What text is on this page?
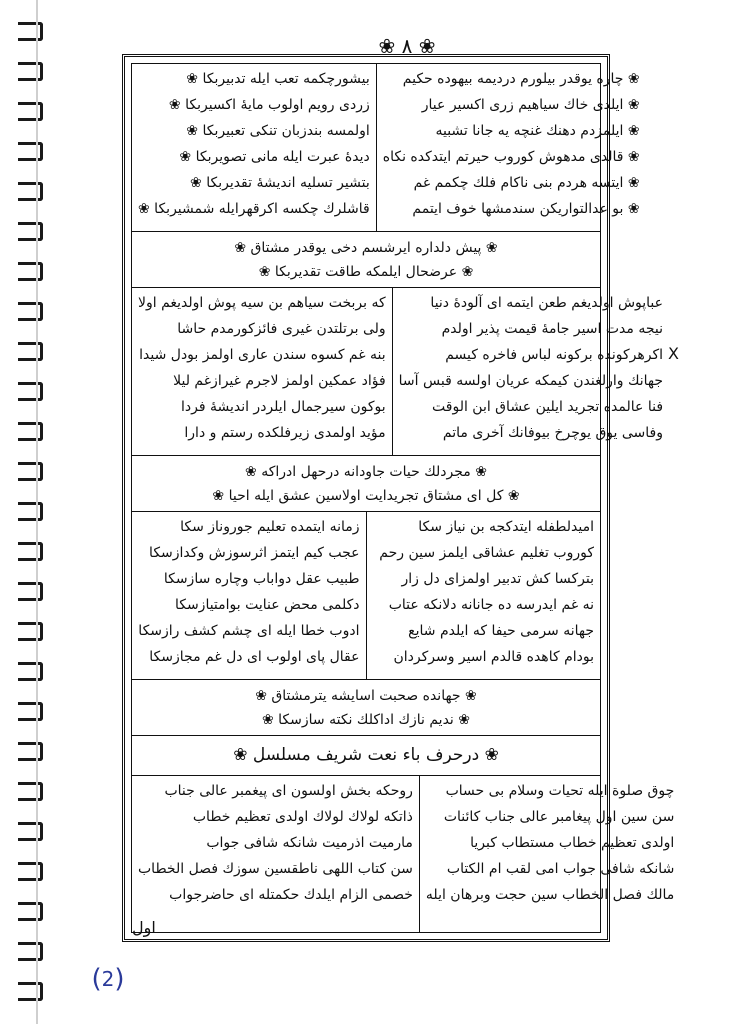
❀ ٨ ❀
بیشورچکمه تعب ایله تدبیربکا ❀
زردی رویم اولوب مایهٔ اکسیربکا ❀
اولمسه بندزبان تنکی تعبیربکا ❀
دیدهٔ عبرت ایله مانی تصویربکا ❀
بتشیر تسلیه اندیشهٔ تقدیربکا ❀
قاشلرك چکسه اکرقهرایله شمشیربکا ❀
❀ چاره یوقدر بیلورم دردیمه بیهوده حکیم
❀ ایلدی خاك سیاهیم زری اکسیر عیار
❀ ایلمزدم دهنك غنچه یه جانا تشبیه
❀ قالدی مدهوش کوروب حیرتم ایتدکده نکاه
❀ ایتسه هردم بنی ناکام فلك چکمم غم
❀ بو عدالتواریکن سندمشها خوف ایتمم
❀ پیش دلداره ایرشسم دخی یوقدر مشتاق ❀
❀ عرضحال ایلمکه طاقت تقدیربکا ❀
که بربخت سیاهم بن سیه پوش اولدیغم اولا
ولی برتلتدن غیری فائزکورمدم حاشا
بنه غم کسوه سندن عاری اولمز بودل شیدا
فؤاد عمکین اولمز لاجرم غیرازغم لیلا
بوکون سیرجمال ایلردر اندیشهٔ فردا
مؤید اولمدی زیرفلکده رستم و دارا
عباپوش اولدیغم طعن ایتمه ای آلودهٔ دنیا
نیجه مدت اسیر جامهٔ قیمت پذیر اولدم
اکرهرکونده برکونه لباس فاخره کیسم
جهانك وارلغندن کیمکه عریان اولسه قبس آسا
فنا عالمده تجرید ایلین عشاق ابن الوقت
وفاسی یوق یوچرخ بیوفانك آخری ماتم
❀ مجردلك حیات جاودانه درحهل ادراکه ❀
❀ کل ای مشتاق تجریدایت اولاسین عشق ایله احیا ❀
زمانه ایتمده تعلیم جوروناز سکا
عجب کیم ایتمز اثرسوزش وکدازسکا
طبیب عقل دواباب وچاره سازسکا
دکلمی محض عنایت بوامتیازسکا
ادوب خطا ایله ای چشم کشف رازسکا
عقال پای اولوب ای دل غم مجازسکا
امیدلطفله ایتدکجه بن نیاز سکا
کوروب تغلیم عشاقی ایلمز سین رحم
بترکسا کش تدبیر اولمزای دل زار
نه غم ایدرسه ده جانانه دلانکه عتاب
جهانه سرمی حیفا که ایلدم شایع
بودام کاهده قالدم اسیر وسرکردان
❀ جهانده صحبت اسایشه یترمشتاق ❀
❀ ندیم نازك اداکلك نکته سازسکا ❀
❀ درحرف باء نعت شریف مسلسل ❀
روحکه بخش اولسون ای پیغمبر عالی جناب
ذاتکه لولاك لولاك اولدی تعظیم خطاب
مارمیت اذرمیت شانکه شافی جواب
سن کتاب اللهی ناطقسین سوزك فصل الخطاب
خصمی الزام ایلدك حکمتله ای حاضرجواب
چوق صلوة ایله تحیات وسلام بی حساب
سن سین اول پیغامبر عالی جناب کائنات
اولدی تعظیم خطاب مستطاب کبریا
شانکه شافی جواب امی لقب ام الکتاب
مالك فصل الخطاب سین حجت وبرهان ایله
اول
X
( 2 )
